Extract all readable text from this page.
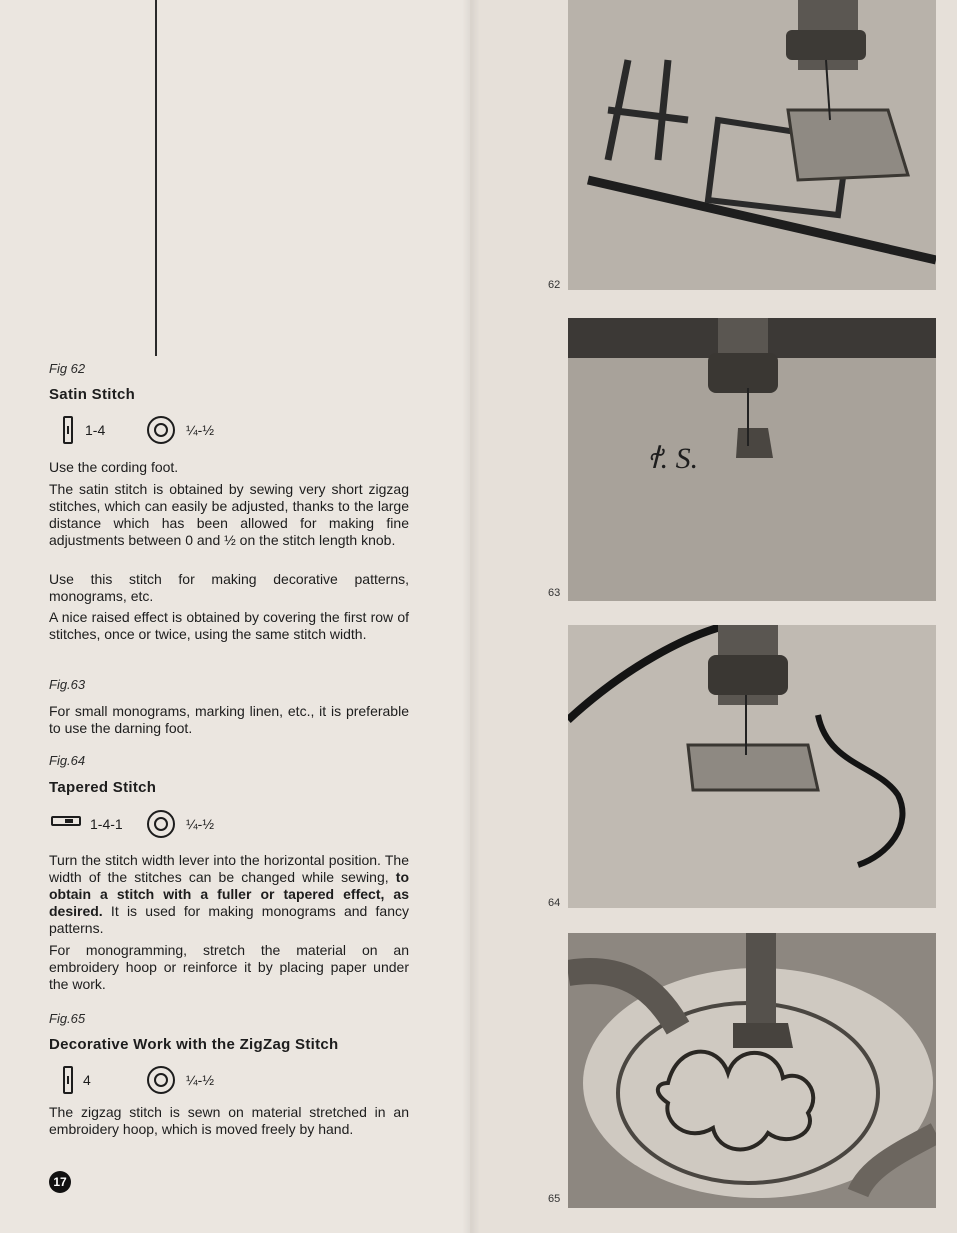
Fig 62
Satin Stitch
1-4	¼-½

Use the cording foot.

The satin stitch is obtained by sewing very short zigzag stitches, which can easily be adjusted, thanks to the large distance which has been allowed for making fine adjustments between 0 and ½ on the stitch length knob.

Use this stitch for making decorative patterns, monograms, etc.

A nice raised effect is obtained by covering the first row of stitches, once or twice, using the same stitch width.

Fig.63

For small monograms, marking linen, etc., it is preferable to use the darning foot.

Fig.64
Tapered Stitch
1-4-1	¼-½

Turn the stitch width lever into the horizontal position. The width of the stitches can be changed while sewing, to obtain a stitch with a fuller or tapered effect, as desired. It is used for making monograms and fancy patterns.

For monogramming, stretch the material on an embroidery hoop or reinforce it by placing paper under the work.

Fig.65
Decorative Work with the ZigZag Stitch
4	¼-½

The zigzag stitch is sewn on material stretched in an embroidery hoop, which is moved freely by hand.

17
62
ꬷ. S.
63
64
65
